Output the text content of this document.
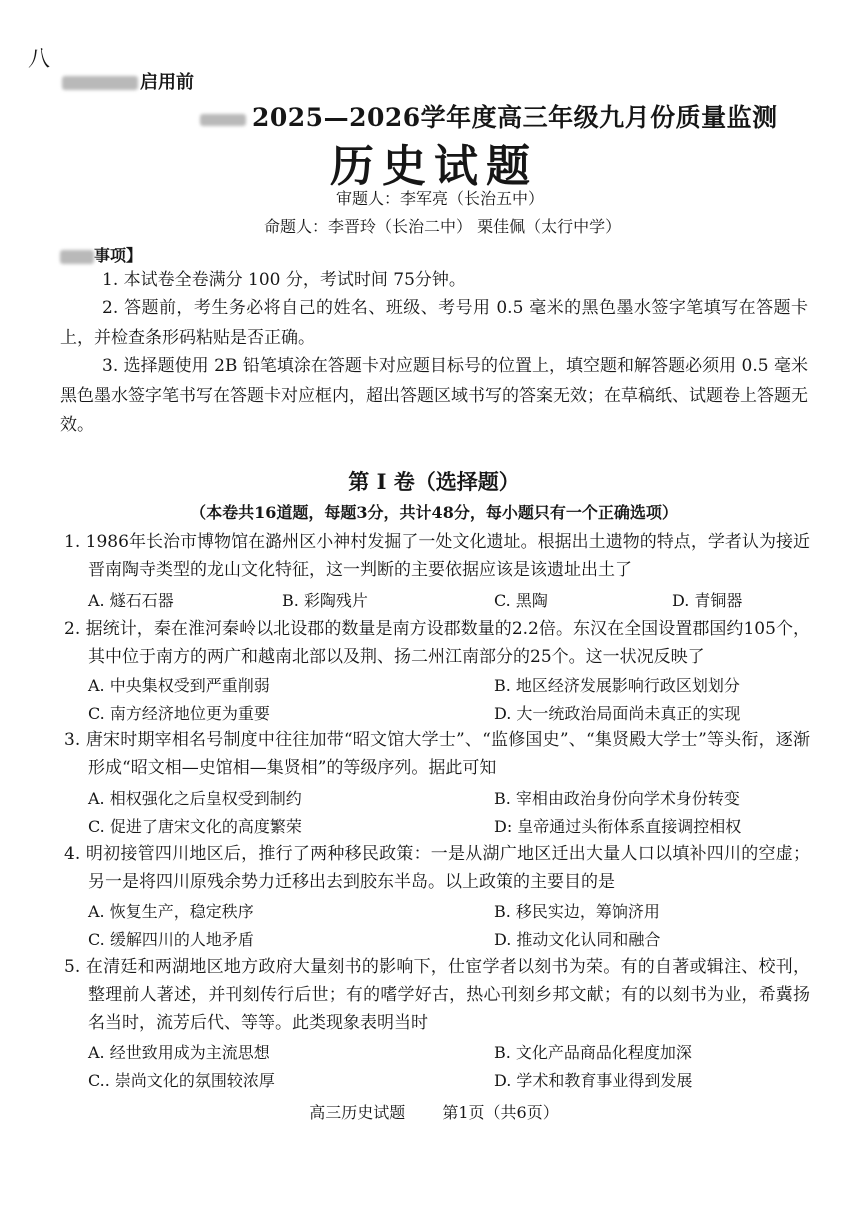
八
启用前
2025—2026学年度高三年级九月份质量监测
历史试题
审题人：李军亮（长治五中）
命题人：李晋玲（长治二中） 栗佳佩（太行中学）
事项】
1. 本试卷全卷满分 100 分，考试时间 75分钟。
2. 答题前，考生务必将自己的姓名、班级、考号用 0.5 毫米的黑色墨水签字笔填写在答题卡上，并检查条形码粘贴是否正确。
3. 选择题使用 2B 铅笔填涂在答题卡对应题目标号的位置上，填空题和解答题必须用 0.5 毫米黑色墨水签字笔书写在答题卡对应框内，超出答题区域书写的答案无效；在草稿纸、试题卷上答题无效。
第 Ⅰ 卷（选择题）
（本卷共16道题，每题3分，共计48分，每小题只有一个正确选项）
1. 1986年长治市博物馆在潞州区小神村发掘了一处文化遗址。根据出土遗物的特点，学者认为接近晋南陶寺类型的龙山文化特征，这一判断的主要依据应该是该遗址出土了
A. 燧石石器	B. 彩陶残片	C. 黑陶	D. 青铜器
2. 据统计，秦在淮河秦岭以北设郡的数量是南方设郡数量的2.2倍。东汉在全国设置郡国约105个，其中位于南方的两广和越南北部以及荆、扬二州江南部分的25个。这一状况反映了
A. 中央集权受到严重削弱	B. 地区经济发展影响行政区划划分
C. 南方经济地位更为重要	D. 大一统政治局面尚未真正的实现
3. 唐宋时期宰相名号制度中往往加带“昭文馆大学士”、“监修国史”、“集贤殿大学士”等头衔，逐渐形成“昭文相—史馆相—集贤相”的等级序列。据此可知
A. 相权强化之后皇权受到制约	B. 宰相由政治身份向学术身份转变
C. 促进了唐宋文化的高度繁荣	D: 皇帝通过头衔体系直接调控相权
4. 明初接管四川地区后，推行了两种移民政策：一是从湖广地区迁出大量人口以填补四川的空虚；另一是将四川原残余势力迁移出去到胶东半岛。以上政策的主要目的是
A. 恢复生产，稳定秩序	B. 移民实边，筹饷济用
C. 缓解四川的人地矛盾	D. 推动文化认同和融合
5. 在清廷和两湖地区地方政府大量刻书的影响下，仕宦学者以刻书为荣。有的自著或辑注、校刊，整理前人著述，并刊刻传行后世；有的嗜学好古，热心刊刻乡邦文献；有的以刻书为业，希冀扬名当时，流芳后代、等等。此类现象表明当时
A. 经世致用成为主流思想	B. 文化产品商品化程度加深
C.. 崇尚文化的氛围较浓厚	D. 学术和教育事业得到发展
高三历史试题 第1页（共6页）
